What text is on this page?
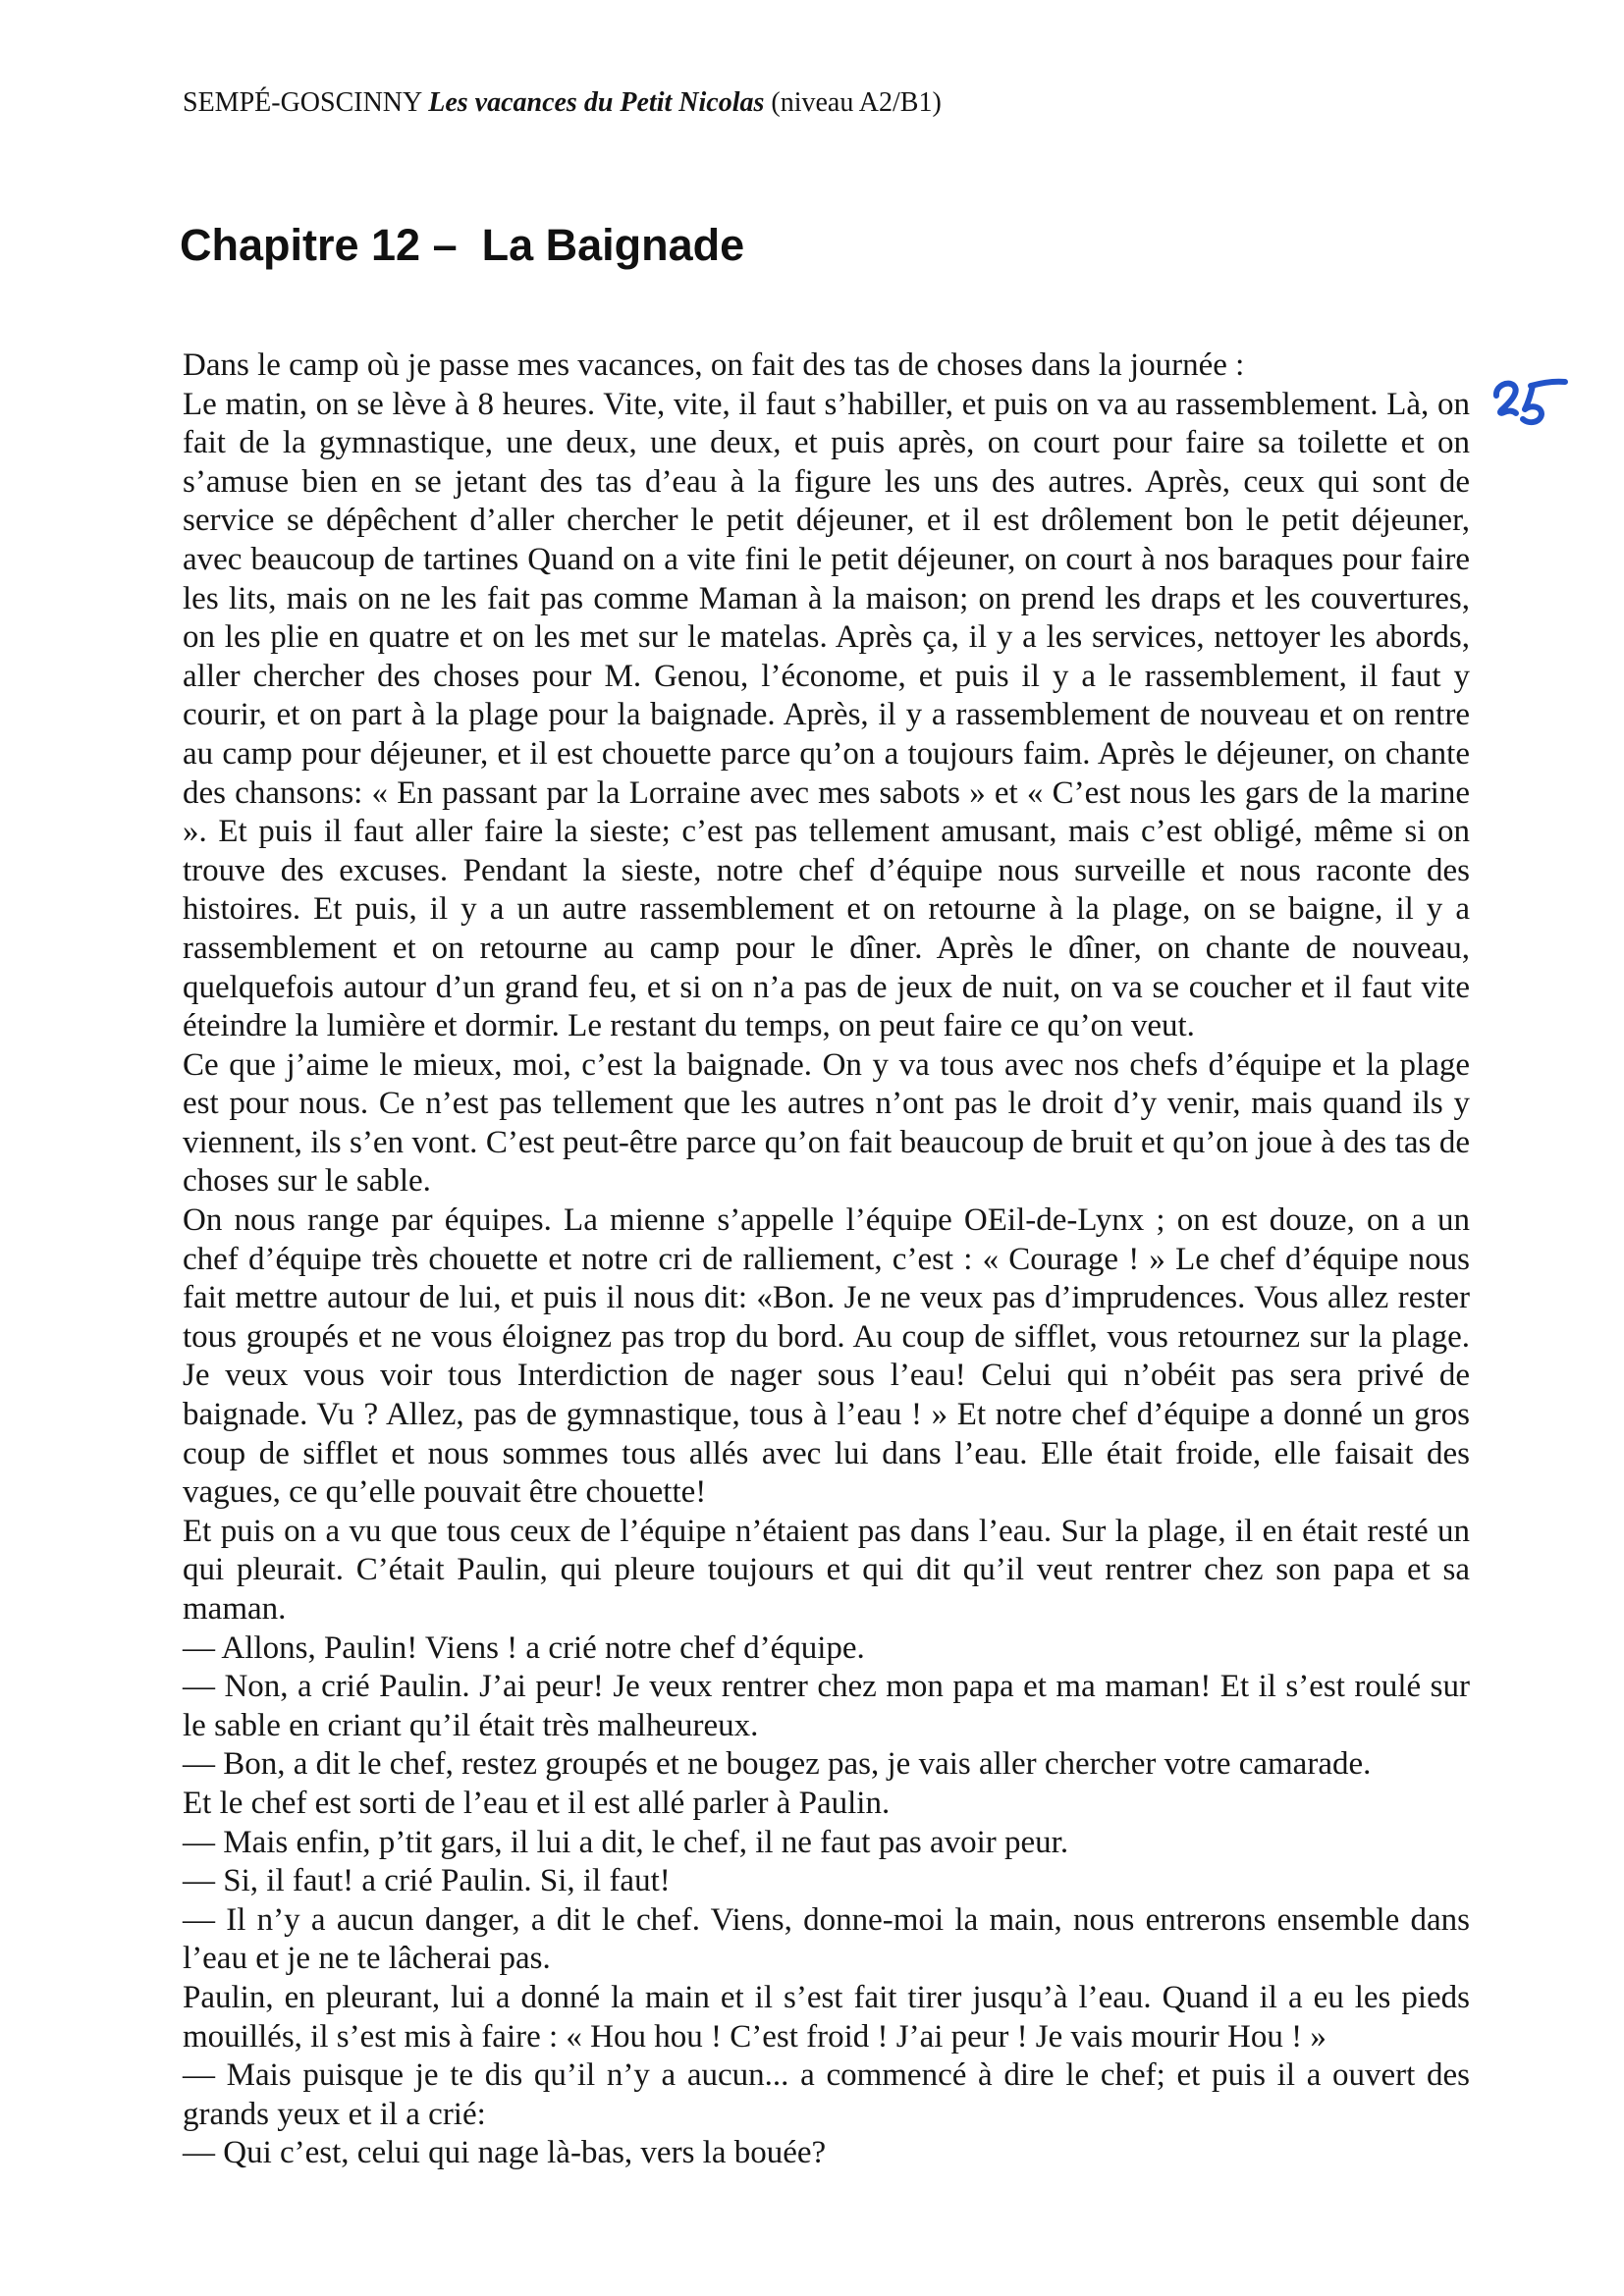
SEMPÉ-GOSCINNY Les vacances du Petit Nicolas (niveau A2/B1)
Chapitre 12 –  La Baignade

Dans le camp où je passe mes vacances, on fait des tas de choses dans la journée :

Le matin, on se lève à 8 heures. Vite, vite, il faut s’habiller, et puis on va au rassemblement. Là, on fait de la gymnastique, une deux, une deux, et puis après, on court pour faire sa toilette et on s’amuse bien en se jetant des tas d’eau à la figure les uns des autres. Après, ceux qui sont de service se dépêchent d’aller chercher le petit déjeuner, et il est drôlement bon le petit déjeuner, avec beaucoup de tartines Quand on a vite fini le petit déjeuner, on court à nos baraques pour faire les lits, mais on ne les fait pas comme Maman à la maison; on prend les draps et les couvertures, on les plie en quatre et on les met sur le matelas. Après ça, il y a les services, nettoyer les abords, aller chercher des choses pour M. Genou, l’économe, et puis il y a le rassemblement, il faut y courir, et on part à la plage pour la baignade. Après, il y a rassemblement de nouveau et on rentre au camp pour déjeuner, et il est chouette parce qu’on a toujours faim. Après le déjeuner, on chante des chansons: « En passant par la Lorraine avec mes sabots » et « C’est nous les gars de la marine ». Et puis il faut aller faire la sieste; c’est pas tellement amusant, mais c’est obligé, même si on trouve des excuses. Pendant la sieste, notre chef d’équipe nous surveille et nous raconte des histoires. Et puis, il y a un autre rassemblement et on retourne à la plage, on se baigne, il y a rassemblement et on retourne au camp pour le dîner. Après le dîner, on chante de nouveau, quelquefois autour d’un grand feu, et si on n’a pas de jeux de nuit, on va se coucher et il faut vite éteindre la lumière et dormir. Le restant du temps, on peut faire ce qu’on veut.

Ce que j’aime le mieux, moi, c’est la baignade. On y va tous avec nos chefs d’équipe et la plage est pour nous. Ce n’est pas tellement que les autres n’ont pas le droit d’y venir, mais quand ils y viennent, ils s’en vont. C’est peut-être parce qu’on fait beaucoup de bruit et qu’on joue à des tas de choses sur le sable.

On nous range par équipes. La mienne s’appelle l’équipe OEil-de-Lynx ; on est douze, on a un chef d’équipe très chouette et notre cri de ralliement, c’est : « Courage ! » Le chef d’équipe nous fait mettre autour de lui, et puis il nous dit: «Bon. Je ne veux pas d’imprudences. Vous allez rester tous groupés et ne vous éloignez pas trop du bord. Au coup de sifflet, vous retournez sur la plage. Je veux vous voir tous Interdiction de nager sous l’eau! Celui qui n’obéit pas sera privé de baignade. Vu ? Allez, pas de gymnastique, tous à l’eau ! » Et notre chef d’équipe a donné un gros coup de sifflet et nous sommes tous allés avec lui dans l’eau. Elle était froide, elle faisait des vagues, ce qu’elle pouvait être chouette!

Et puis on a vu que tous ceux de l’équipe n’étaient pas dans l’eau. Sur la plage, il en était resté un qui pleurait. C’était Paulin, qui pleure toujours et qui dit qu’il veut rentrer chez son papa et sa maman.

— Allons, Paulin! Viens ! a crié notre chef d’équipe.

— Non, a crié Paulin. J’ai peur! Je veux rentrer chez mon papa et ma maman! Et il s’est roulé sur le sable en criant qu’il était très malheureux.

— Bon, a dit le chef, restez groupés et ne bougez pas, je vais aller chercher votre camarade.

Et le chef est sorti de l’eau et il est allé parler à Paulin.

— Mais enfin, p’tit gars, il lui a dit, le chef, il ne faut pas avoir peur.

— Si, il faut! a crié Paulin. Si, il faut!

— Il n’y a aucun danger, a dit le chef. Viens, donne-moi la main, nous entrerons ensemble dans l’eau et je ne te lâcherai pas.

Paulin, en pleurant, lui a donné la main et il s’est fait tirer jusqu’à l’eau. Quand il a eu les pieds mouillés, il s’est mis à faire : « Hou hou ! C’est froid ! J’ai peur ! Je vais mourir Hou ! »

— Mais puisque je te dis qu’il n’y a aucun... a commencé à dire le chef; et puis il a ouvert des grands yeux et il a crié:

— Qui c’est, celui qui nage là-bas, vers la bouée?
